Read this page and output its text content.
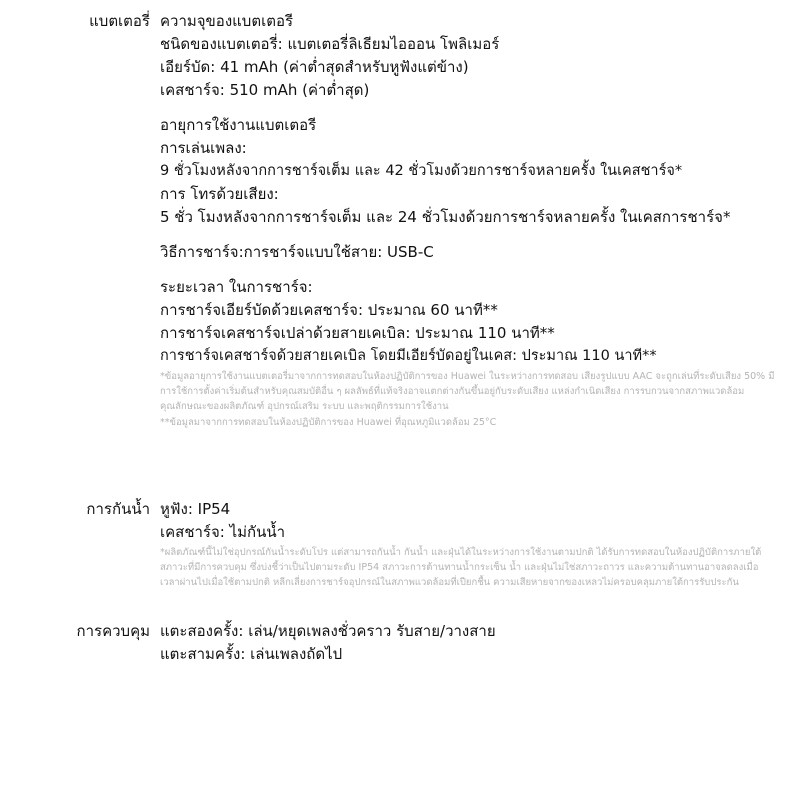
แบตเตอรี่ ความจุของแบตเตอรี
ชนิดของแบตเตอรี่: แบตเตอรี่ลิเธียมไอออน โพลิเมอร์
เอียร์บัด: 41 mAh (ค่าต่ำสุดสำหรับหูฟังแต่ข้าง)
เคสชาร์จ: 510 mAh (ค่าต่ำสุด)
อายุการใช้งานแบตเตอรี
การเล่นเพลง:
9 ชั่วโมงหลังจากการชาร์จเต็ม และ 42 ชั่วโมงด้วยการชาร์จหลายครั้ง ในเคสชาร์จ*
การ โทรด้วยเสียง:
5 ชั่ว โมงหลังจากการชาร์จเต็ม และ 24 ชั่วโมงด้วยการชาร์จหลายครั้ง ในเคสการชาร์จ*
วิธีการชาร์จ:การชาร์จแบบใช้สาย: USB-C
ระยะเวลา ในการชาร์จ:
การชาร์จเอียร์บัดด้วยเคสชาร์จ: ประมาณ 60 นาที**
การชาร์จเคสชาร์จเปล่าด้วยสายเคเบิล: ประมาณ 110 นาที**
การชาร์จเคสชาร์จด้วยสายเคเบิล โดยมีเอียร์บัดอยู่ในเคส: ประมาณ 110 นาที**
*ข้อมูลอายุการใช้งานแบตเตอรี่มาจากการทดสอบในห้องปฏิบัติการของ Huawei ในระหว่างการทดสอบ เสียงรูปแบบ AAC จะถูกเล่นที่ระดับเสียง 50% มีการใช้การตั้งค่าเริ่มต้นสำหรับคุณสมบัติอื่น ๆ ผลลัพธ์ที่แท้จริงอาจแตกต่างกันขึ้นอยู่กับระดับเสียง แหล่งกำเนิดเสียง การรบกวนจากสภาพแวดล้อม คุณลักษณะของผลิตภัณฑ์ อุปกรณ์เสริม ระบบ และพฤติกรรมการใช้งาน
**ข้อมูลมาจากการทดสอบในห้องปฏิบัติการของ Huawei ที่อุณหภูมิแวดล้อม 25°C
การกันน้ำ หูฟัง: IP54
เคสชาร์จ: ไม่กันน้ำ
*ผลิตภัณฑ์นี้ไม่ใช่อุปกรณ์กันน้ำระดับโปร แต่สามารถกันน้ำ กันน้ำ และฝุ่นได้ในระหว่างการใช้งานตามปกติ ได้รับการทดสอบในห้องปฏิบัติการภายใต้สภาวะที่มีการควบคุม ซึ่งบ่งชี้ว่าเป็นไปตามระดับ IP54 สภาวะการต้านทานน้ำกระเซ็น น้ำ และฝุ่นไม่ใช่สภาวะถาวร และความต้านทานอาจลดลงเมื่อเวลาผ่านไปเมื่อใช้ตามปกติ หลีกเลี่ยงการชาร์จอุปกรณ์ในสภาพแวดล้อมที่เปียกชื้น ความเสียหายจากของเหลวไม่ครอบคลุมภายใต้การรับประกัน
การควบคุม แตะสองครั้ง: เล่น/หยุดเพลงชั่วคราว รับสาย/วางสาย
แตะสามครั้ง: เล่นเพลงถัดไป
